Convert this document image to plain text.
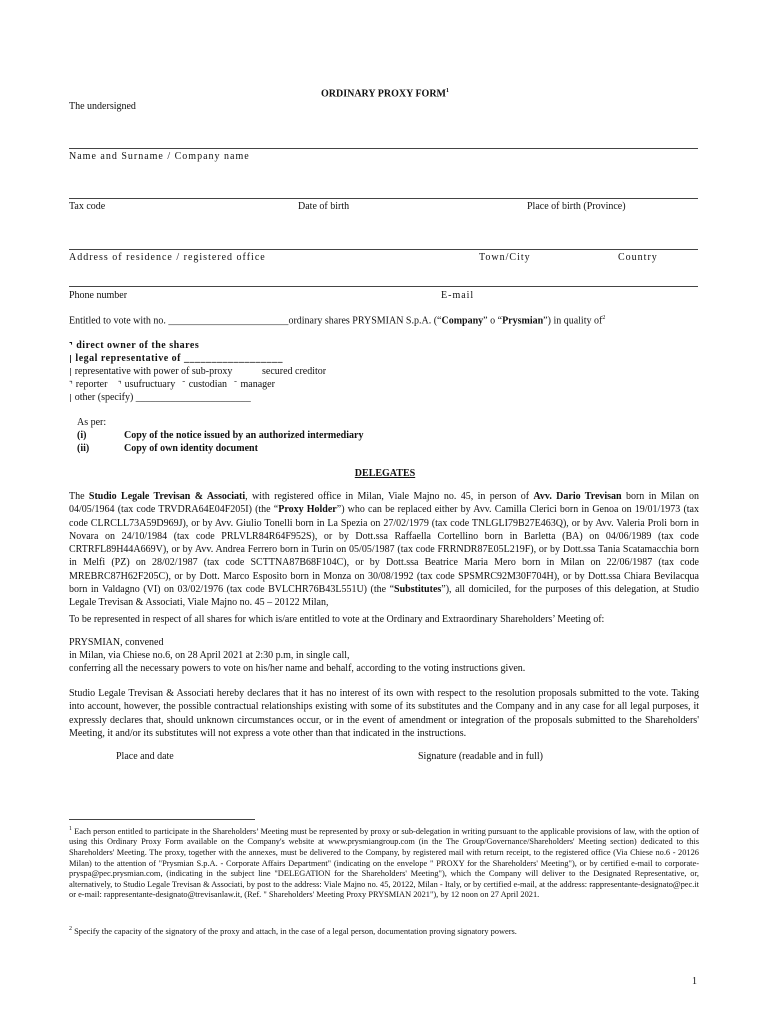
ORDINARY PROXY FORM$^1$
The undersigned
Name and Surname / Company name
Tax code	Date of birth	Place of birth (Province)
Address of residence / registered office	Town/City	Country
Phone number	E-mail
Entitled to vote with no. ________________________ordinary shares PRYSMIAN S.p.A. (“Company” o “Prysmian”) in quality $of^2$
⌝ direct owner of the shares
| legal representative of __________________
| representative with power of sub-proxy	secured creditor
⌝ reporter ⌝ usufructuary ¯ custodian ¯ manager
| other (specify) _______________________
As per:
(i)	Copy of the notice issued by an authorized intermediary
(ii)	Copy of own identity document
DELEGATES
The Studio Legale Trevisan & Associati, with registered office in Milan, Viale Majno no. 45, in person of Avv. Dario Trevisan born in Milan on 04/05/1964 (tax code TRVDRA64E04F205I) (the “Proxy Holder”) who can be replaced either by Avv. Camilla Clerici born in Genoa on 19/01/1973 (tax code CLRCLL73A59D969J), or by Avv. Giulio Tonelli born in La Spezia on 27/02/1979 (tax code TNLGLI79B27E463Q), or by Avv. Valeria Proli born in Novara on 24/10/1984 (tax code PRLVLR84R64F952S), or by Dott.ssa Raffaella Cortellino born in Barletta (BA) on 04/06/1989 (tax code CRTRFL89H44A669V), or by Avv. Andrea Ferrero born in Turin on 05/05/1987 (tax code FRRNDR87E05L219F), or by Dott.ssa Tania Scatamacchia born in Melfi (PZ) on 28/02/1987 (tax code SCTTNA87B68F104C), or by Dott.ssa Beatrice Maria Mero born in Milan on 22/06/1987 (tax code MREBRC87H62F205C), or by Dott. Marco Esposito born in Monza on 30/08/1992 (tax code SPSMRC92M30F704H), or by Dott.ssa Chiara Bevilacqua born in Valdagno (VI) on 03/02/1976 (tax code BVLCHR76B43L551U) (the “Substitutes”), all domiciled, for the purposes of this delegation, at Studio Legale Trevisan & Associati, Viale Majno no. 45 – 20122 Milan,
To be represented in respect of all shares for which is/are entitled to vote at the Ordinary and Extraordinary Shareholders’ Meeting of:
PRYSMIAN, convened
in Milan, via Chiese no.6, on 28 April 2021 at 2:30 p.m, in single call,
conferring all the necessary powers to vote on his/her name and behalf, according to the voting instructions given.
Studio Legale Trevisan & Associati hereby declares that it has no interest of its own with respect to the resolution proposals submitted to the vote. Taking into account, however, the possible contractual relationships existing with some of its substitutes and the Company and in any case for all legal purposes, it expressly declares that, should unknown circumstances occur, or in the event of amendment or integration of the proposals submitted to the Shareholders' Meeting, it and/or its substitutes will not express a vote other than that indicated in the instructions.
Place and date	Signature (readable and in full)
$^1$ Each person entitled to participate in the Shareholders’ Meeting must be represented by proxy or sub-delegation in writing pursuant to the applicable provisions of law, with the option of using this Ordinary Proxy Form available on the Company's website at www.prysmiangroup.com (in the The Group/Governance/Shareholders' Meeting section) dedicated to this Shareholders' Meeting. The proxy, together with the annexes, must be delivered to the Company, by registered mail with return receipt, to the registered office (Via Chiese no.6 - 20126 Milan) to the attention of "Prysmian S.p.A. - Corporate Affairs Department" (indicating on the envelope " PROXY for the Shareholders' Meeting"), or by certified e-mail to corporate-pryspa@pec.prysmian.com, (indicating in the subject line "DELEGATION for the Shareholders' Meeting"), which the Company will deliver to the Designated Representative, or, alternatively, to Studio Legale Trevisan & Associati, by post to the address: Viale Majno no. 45, 20122, Milan - Italy, or by certified e-mail, at the address: rappresentante-designato@pec.it or e-mail: rappresentante-designato@trevisanlaw.it, (Ref. " Shareholders' Meeting Proxy PRYSMIAN 2021"), by 12 noon on 27 April 2021.
$^2$ Specify the capacity of the signatory of the proxy and attach, in the case of a legal person, documentation proving signatory powers.
1
